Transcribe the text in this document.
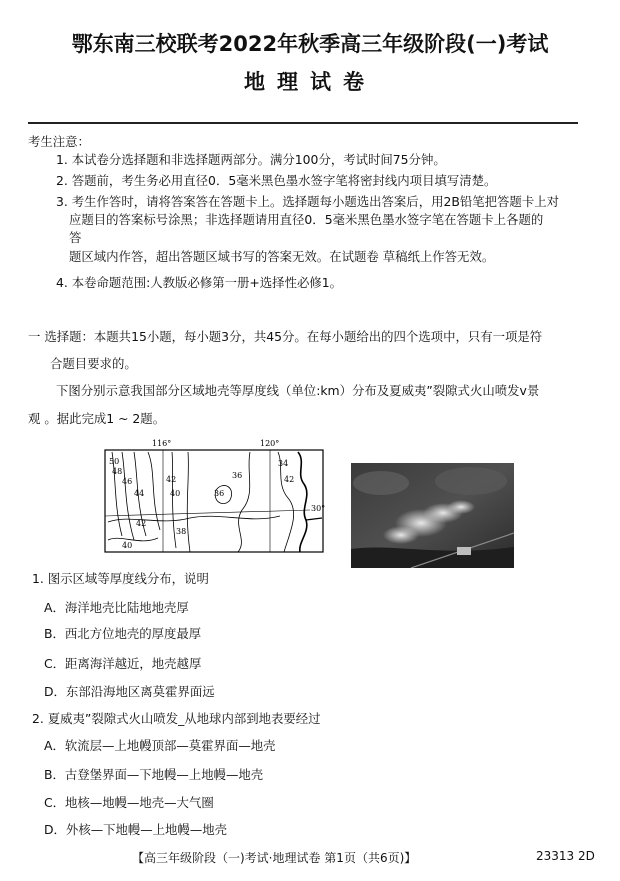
鄂东南三校联考2022年秋季高三年级阶段(一)考试
地理试卷
考生注意：
1. 本试卷分选择题和非选择题两部分。满分100分，考试时间75分钟。
2. 答题前，考生务必用直径0．5毫米黑色墨水签字笔将密封线内项目填写清楚。
3. 考生作答时，请将答案答在答题卡上。选择题每小题选出答案后，用2B铅笔把答题卡上对
应题目的答案标号涂黑；非选择题请用直径0．5毫米黑色墨水签字笔在答题卡上各题的
答
题区域内作答，超出答题区域书写的答案无效。在试题卷 草稿纸上作答无效。
4. 本卷命题范围:人教版必修第一册+选择性必修1。
一 选择题：本题共15小题，每小题3分，共45分。在每小题给出的四个选项中，只有一项是符
合题目要求的。
下图分别示意我国部分区域地壳等厚度线（单位:km）分布及夏威夷”裂隙式火山喷发v景
观 。据此完成1 ~ 2题。
116°	120°
30°
50
48
46
44
42
40
42
38
36
36
34
42
40
1. 图示区域等厚度线分布，说明
A．海洋地壳比陆地地壳厚
B．西北方位地壳的厚度最厚
C．距离海洋越近，地壳越厚
D．东部沿海地区离莫霍界面远
2. 夏威夷”裂隙式火山喷发_从地球内部到地表要经过
A．软流层—上地幔顶部—莫霍界面—地壳
B．古登堡界面—下地幔—上地幔—地壳
C．地核—地幔—地壳—大气圈
D．外核—下地幔—上地幔—地壳
【高三年级阶段（一)考试·地理试卷 第1页（共6页)】	23313 2D
